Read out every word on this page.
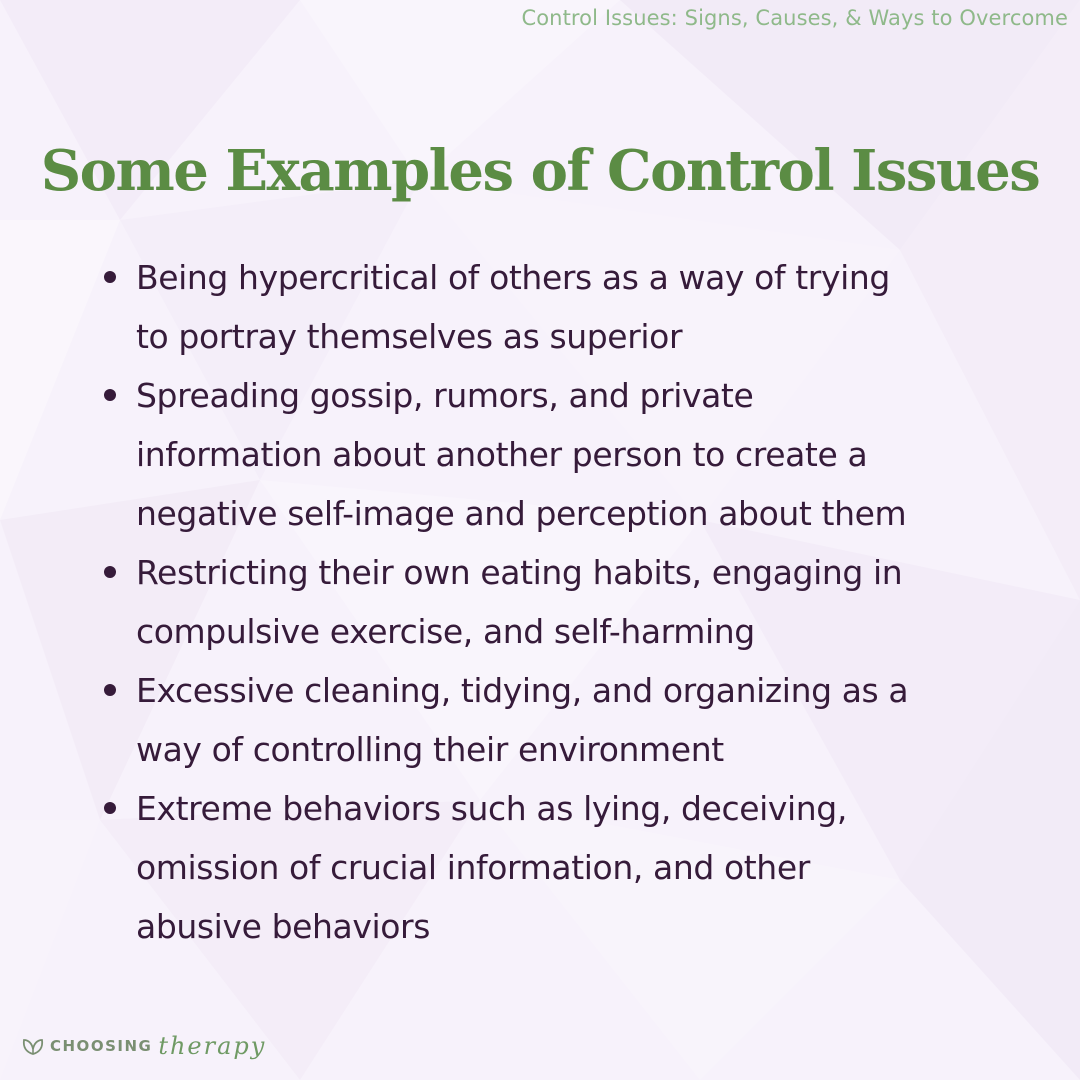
Control Issues: Signs, Causes, & Ways to Overcome
Some Examples of Control Issues
Being hypercritical of others as a way of trying
to portray themselves as superior
Spreading gossip, rumors, and private
information about another person to create a
negative self-image and perception about them
Restricting their own eating habits, engaging in
compulsive exercise, and self-harming
Excessive cleaning, tidying, and organizing as a
way of controlling their environment
Extreme behaviors such as lying, deceiving,
omission of crucial information, and other
abusive behaviors
CHOOSING therapy
